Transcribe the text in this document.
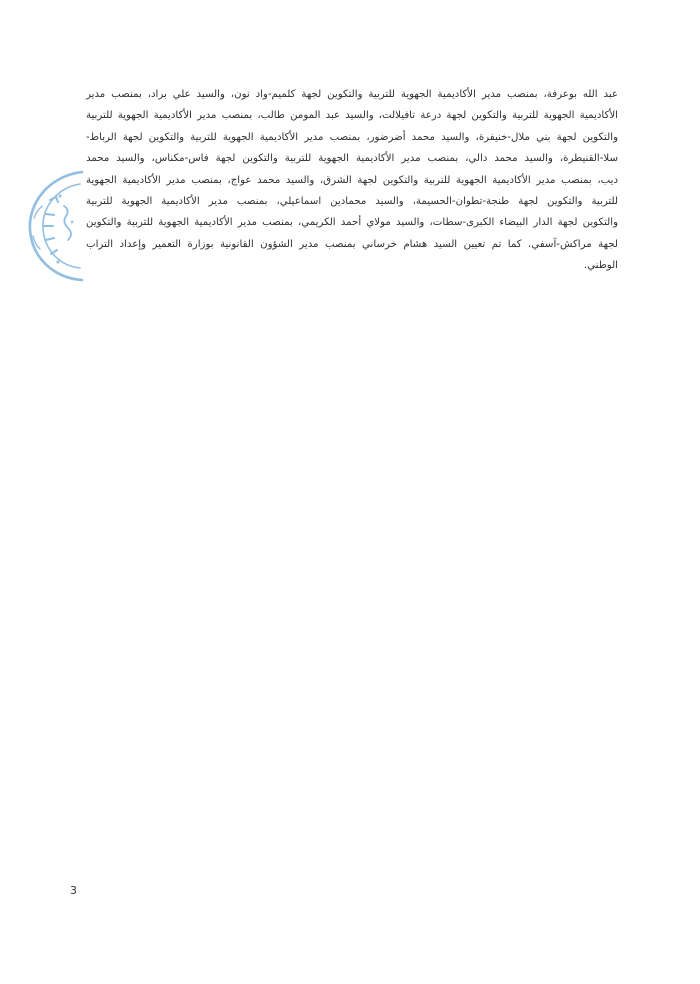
عبد الله بوعرفة، بمنصب مدير الأكاديمية الجهوية للتربية والتكوين لجهة كلميم-واد نون، والسيد علي براد، بمنصب مدير
الأكاديمية الجهوية للتربية والتكوين لجهة درعة تافيلالت، والسيد عبد المومن طالب، بمنصب مدير الأكاديمية الجهوية للتربية
والتكوين لجهة بني ملال-خنيفرة، والسيد محمد أضرضور، بمنصب مدير الأكاديمية الجهوية للتربية والتكوين لجهة الرباط-
سلا-القنيطرة، والسيد محمد دالي، بمنصب مدير الأكاديمية الجهوية للتربية والتكوين لجهة فاس-مكناس، والسيد محمد
ديب، بمنصب مدير الأكاديمية الجهوية للتربية والتكوين لجهة الشرق، والسيد محمد عواج، بمنصب مدير الأكاديمية الجهوية
للتربية والتكوين لجهة طنجة-تطوان-الحسيمة، والسيد محمادين اسماعيلي، بمنصب مدير الأكاديمية الجهوية للتربية
والتكوين لجهة الدار البيضاء الكبرى-سطات، والسيد مولاي أحمد الكريمي، بمنصب مدير الأكاديمية الجهوية للتربية والتكوين
لجهة مراكش-آسفي. كما تم تعيين السيد هشام خرساني بمنصب مدير الشؤون القانونية بوزارة التعمير وإعداد التراب
الوطني.
3
